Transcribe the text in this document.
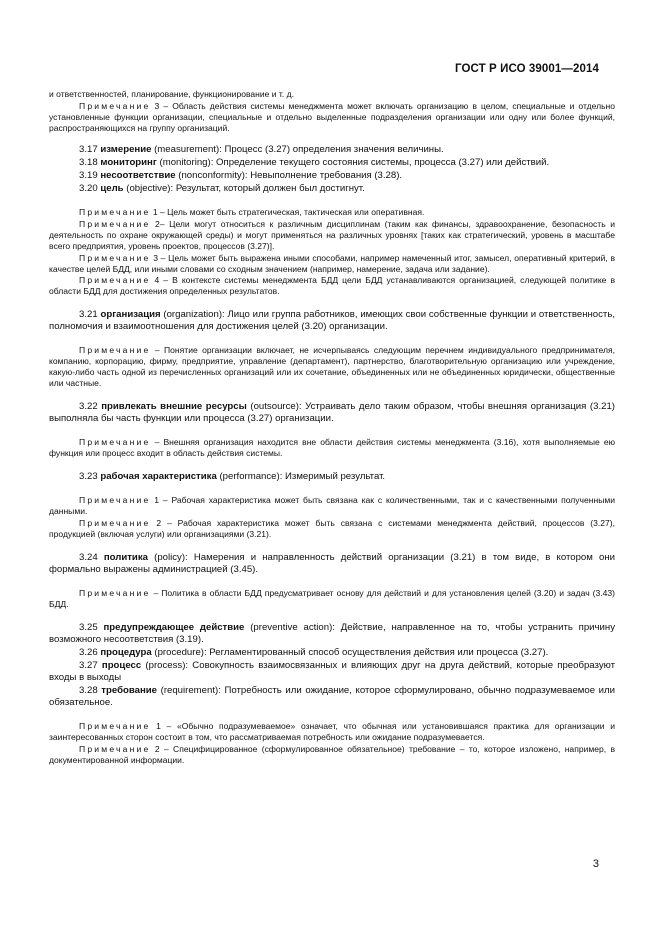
ГОСТ Р ИСО 39001—2014

и ответственностей, планирование, функционирование и т. д.

Примечание 3 – Область действия системы менеджмента может включать организацию в целом, специальные и отдельно установленные функции организации, специальные и отдельно выделенные подразделения организации или одну или более функций, распространяющихся на группу организаций.

3.17 измерение (measurement): Процесс (3.27) определения значения величины.

3.18 мониторинг (monitoring): Определение текущего состояния системы, процесса (3.27) или действий.

3.19 несоответствие (nonconformity): Невыполнение требования (3.28).

3.20 цель (objective): Результат, который должен был достигнут.

Примечание 1 – Цель может быть стратегическая, тактическая или оперативная.

Примечание 2– Цели могут относиться к различным дисциплинам (таким как финансы, здравоохранение, безопасность и деятельность по охране окружающей среды) и могут применяться на различных уровнях [таких как стратегический, уровень в масштабе всего предприятия, уровень проектов, процессов (3.27)].

Примечание 3 – Цель может быть выражена иными способами, например намеченный итог, замысел, оперативный критерий, в качестве целей БДД, или иными словами со сходным значением (например, намерение, задача или задание).

Примечание 4 – В контексте системы менеджмента БДД цели БДД устанавливаются организацией, следующей политике в области БДД для достижения определенных результатов.

3.21 организация (organization): Лицо или группа работников, имеющих свои собственные функции и ответственность, полномочия и взаимоотношения для достижения целей (3.20) организации.

Примечание – Понятие организации включает, не исчерпываясь следующим перечнем индивидуального предпринимателя, компанию, корпорацию, фирму, предприятие, управление (департамент), партнерство, благотворительную организацию или учреждение, какую-либо часть одной из перечисленных организаций или их сочетание, объединенных или не объединенных юридически, общественные или частные.

3.22 привлекать внешние ресурсы (outsource): Устраивать дело таким образом, чтобы внешняя организация (3.21) выполняла бы часть функции или процесса (3.27) организации.

Примечание – Внешняя организация находится вне области действия системы менеджмента (3.16), хотя выполняемые ею функция или процесс входит в область действия системы.

3.23 рабочая характеристика (performance): Измеримый результат.

Примечание 1 – Рабочая характеристика может быть связана как с количественными, так и с качественными полученными данными.

Примечание 2 – Рабочая характеристика может быть связана с системами менеджмента действий, процессов (3.27), продукцией (включая услуги) или организациями (3.21).

3.24 политика (policy): Намерения и направленность действий организации (3.21) в том виде, в котором они формально выражены администрацией (3.45).

Примечание – Политика в области БДД предусматривает основу для действий и для установления целей (3.20) и задач (3.43) БДД.

3.25 предупреждающее действие (preventive action): Действие, направленное на то, чтобы устранить причину возможного несоответствия (3.19).

3.26 процедура (procedure): Регламентированный способ осуществления действия или процесса (3.27).

3.27 процесс (process): Совокупность взаимосвязанных и влияющих друг на друга действий, которые преобразуют входы в выходы

3.28 требование (requirement): Потребность или ожидание, которое сформулировано, обычно подразумеваемое или обязательное.

Примечание 1 – «Обычно подразумеваемое» означает, что обычная или установившаяся практика для организации и заинтересованных сторон состоит в том, что рассматриваемая потребность или ожидание подразумевается.

Примечание 2 – Специфицированное (сформулированное обязательное) требование – то, которое изложено, например, в документированной информации.

3
